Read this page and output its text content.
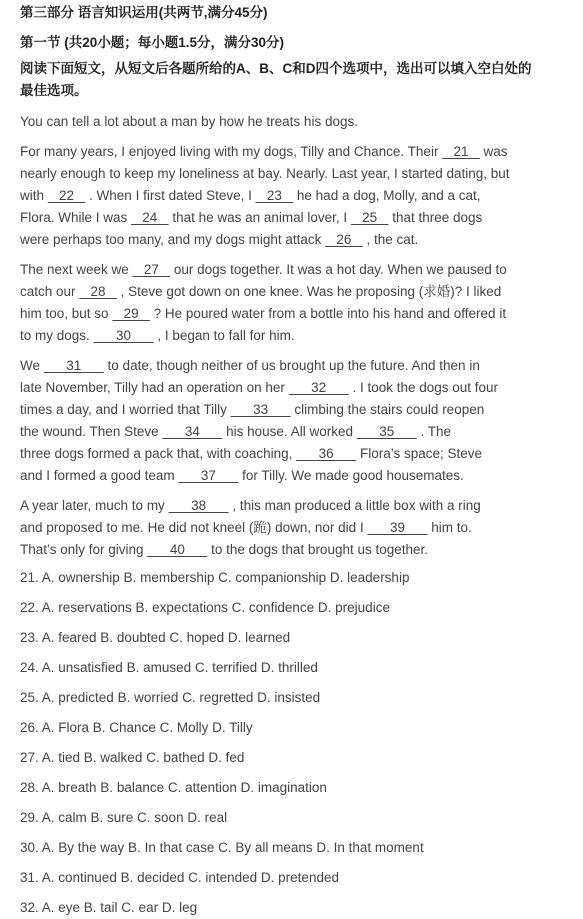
第三部分 语言知识运用(共两节,满分45分)
第一节 (共20小题；每小题1.5分，满分30分)
阅读下面短文，从短文后各题所给的A、B、C和D四个选项中，选出可以填入空白处的
最佳选项。
You can tell a lot about a man by how he treats his dogs.
For many years, I enjoyed living with my dogs, Tilly and Chance. Their    21    was
nearly enough to keep my loneliness at bay. Nearly. Last year, I started dating, but
with    22    . When I first dated Steve, I    23    he had a dog, Molly, and a cat,
Flora. While I was    24    that he was an animal lover, I    25    that three dogs
were perhaps too many, and my dogs might attack    26    , the cat.
The next week we    27    our dogs together. It was a hot day. When we paused to
catch our    28    , Steve got down on one knee. Was he proposing (求婚)? I liked
him too, but so    29    ? He poured water from a bottle into his hand and offered it
to my dogs.       30       , I began to fall for him.
We       31       to date, though neither of us brought up the future. And then in
late November, Tilly had an operation on her       32       . I took the dogs out four
times a day, and I worried that Tilly       33       climbing the stairs could reopen
the wound. Then Steve       34       his house. All worked       35       . The
three dogs formed a pack that, with coaching,       36       Flora’s space; Steve
and I formed a good team       37       for Tilly. We made good housemates.
A year later, much to my       38       , this man produced a little box with a ring
and proposed to me. He did not kneel (跪) down, nor did I       39       him to.
That’s only for giving       40       to the dogs that brought us together.
21. A. ownership B. membership C. companionship D. leadership
22. A. reservations B. expectations C. confidence D. prejudice
23. A. feared B. doubted C. hoped D. learned
24. A. unsatisfied B. amused C. terrified D. thrilled
25. A. predicted B. worried C. regretted D. insisted
26. A. Flora B. Chance C. Molly D. Tilly
27. A. tied B. walked C. bathed D. fed
28. A. breath B. balance C. attention D. imagination
29. A. calm B. sure C. soon D. real
30. A. By the way B. In that case C. By all means D. In that moment
31. A. continued B. decided C. intended D. pretended
32. A. eye B. tail C. ear D. leg
